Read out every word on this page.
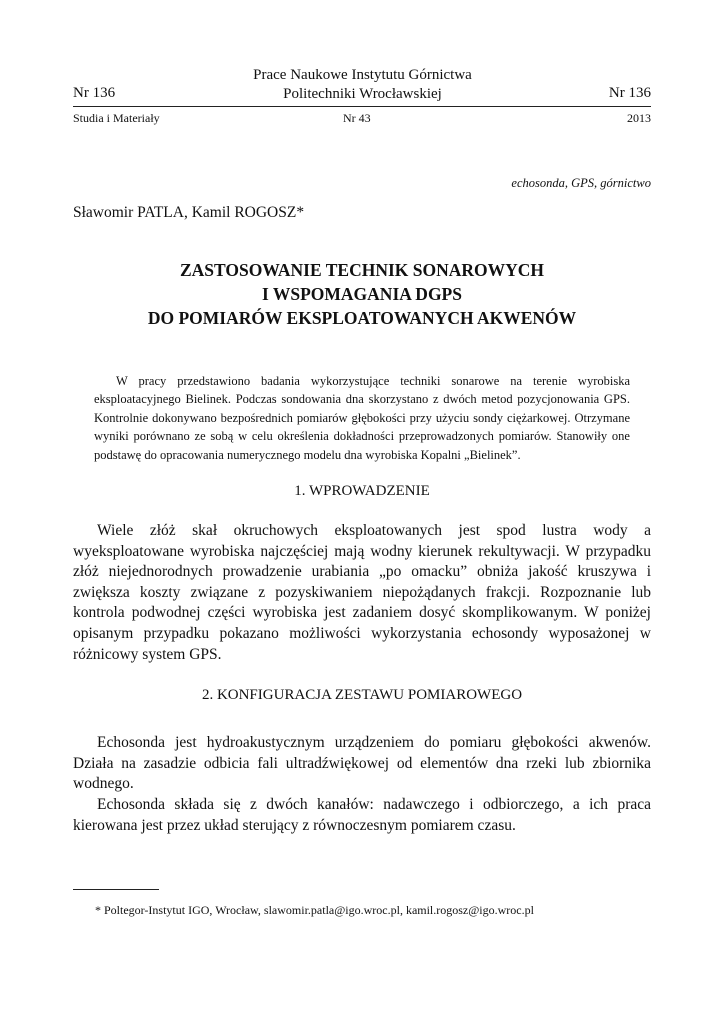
Prace Naukowe Instytutu Górnictwa
Politechniki Wrocławskiej
Nr 136	Nr 136
Studia i Materiały	Nr 43	2013
echosonda, GPS, górnictwo
Sławomir PATLA, Kamil ROGOSZ*
ZASTOSOWANIE TECHNIK SONAROWYCH
I WSPOMAGANIA DGPS
DO POMIARÓW EKSPLOATOWANYCH AKWENÓW
W pracy przedstawiono badania wykorzystujące techniki sonarowe na terenie wyrobiska eksploatacyjnego Bielinek. Podczas sondowania dna skorzystano z dwóch metod pozycjonowania GPS. Kontrolnie dokonywano bezpośrednich pomiarów głębokości przy użyciu sondy ciężarkowej. Otrzymane wyniki porównano ze sobą w celu określenia dokładności przeprowadzonych pomiarów. Stanowiły one podstawę do opracowania numerycznego modelu dna wyrobiska Kopalni „Bielinek”.
1. WPROWADZENIE
Wiele złóż skał okruchowych eksploatowanych jest spod lustra wody a wyeksploatowane wyrobiska najczęściej mają wodny kierunek rekultywacji. W przypadku złóż niejednorodnych prowadzenie urabiania „po omacku” obniża jakość kruszywa i zwiększa koszty związane z pozyskiwaniem niepożądanych frakcji. Rozpoznanie lub kontrola podwodnej części wyrobiska jest zadaniem dosyć skomplikowanym. W poniżej opisanym przypadku pokazano możliwości wykorzystania echosondy wyposażonej w różnicowy system GPS.
2. KONFIGURACJA ZESTAWU POMIAROWEGO
Echosonda jest hydroakustycznym urządzeniem do pomiaru głębokości akwenów. Działa na zasadzie odbicia fali ultradźwiękowej od elementów dna rzeki lub zbiornika wodnego.
Echosonda składa się z dwóch kanałów: nadawczego i odbiorczego, a ich praca kierowana jest przez układ sterujący z równoczesnym pomiarem czasu.
* Poltegor-Instytut IGO, Wrocław, slawomir.patla@igo.wroc.pl, kamil.rogosz@igo.wroc.pl
